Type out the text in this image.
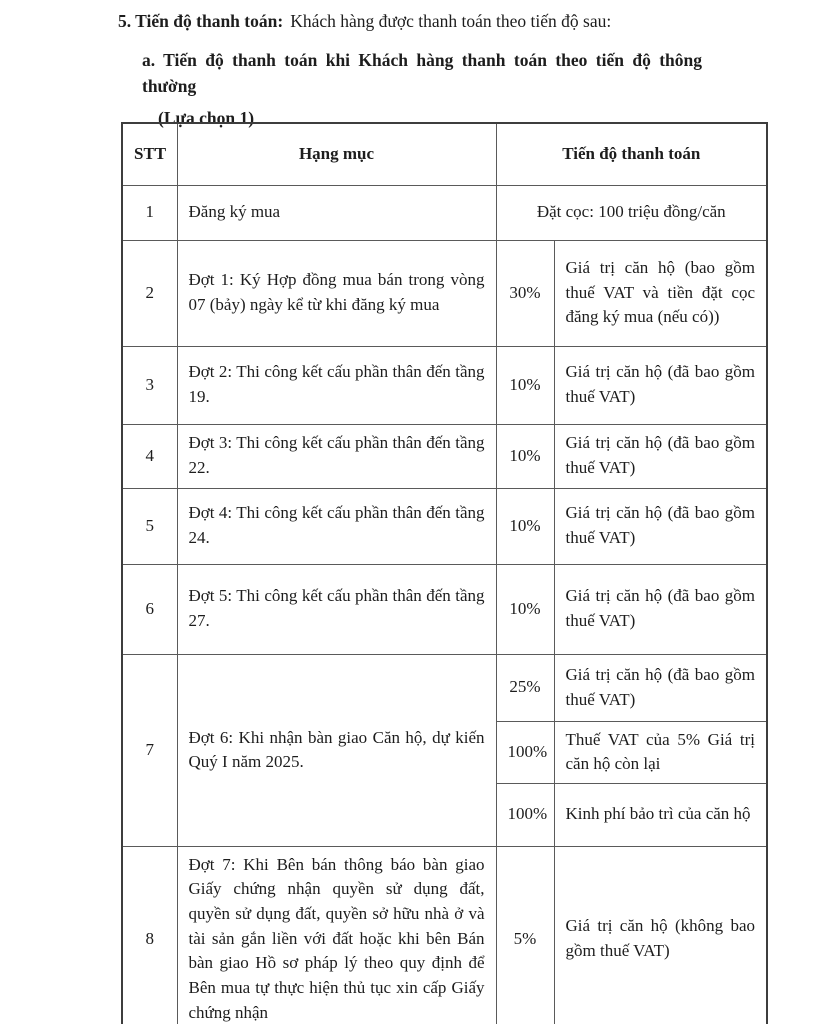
5. Tiến độ thanh toán: Khách hàng được thanh toán theo tiến độ sau:
a. Tiến độ thanh toán khi Khách hàng thanh toán theo tiến độ thông thường
(Lựa chọn 1)
STT	Hạng mục	Tiến độ thanh toán	
1	Đăng ký mua	Đặt cọc: 100 triệu đồng/căn	
2	Đợt 1: Ký Hợp đồng mua bán trong vòng 07 (bảy) ngày kể từ khi đăng ký mua	30%	Giá trị căn hộ (bao gồm thuế VAT và tiền đặt cọc đăng ký mua (nếu có))
3	Đợt 2: Thi công kết cấu phần thân đến tầng 19.	10%	Giá trị căn hộ (đã bao gồm thuế VAT)
4	Đợt 3: Thi công kết cấu phần thân đến tầng 22.	10%	Giá trị căn hộ (đã bao gồm thuế VAT)
5	Đợt 4: Thi công kết cấu phần thân đến tầng 24.	10%	Giá trị căn hộ (đã bao gồm thuế VAT)
6	Đợt 5: Thi công kết cấu phần thân đến tầng 27.	10%	Giá trị căn hộ (đã bao gồm thuế VAT)
7	Đợt 6: Khi nhận bàn giao Căn hộ, dự kiến Quý I năm 2025.	25%	Giá trị căn hộ (đã bao gồm thuế VAT)
		100%	Thuế VAT của 5% Giá trị căn hộ còn lại
		100%	Kinh phí bảo trì của căn hộ
8	Đợt 7: Khi Bên bán thông báo bàn giao Giấy chứng nhận quyền sử dụng đất, quyền sử dụng đất, quyền sở hữu nhà ở và tài sản gắn liền với đất hoặc khi bên Bán bàn giao Hồ sơ pháp lý theo quy định để Bên mua tự thực hiện thủ tục xin cấp Giấy chứng nhận	5%	Giá trị căn hộ (không bao gồm thuế VAT)
